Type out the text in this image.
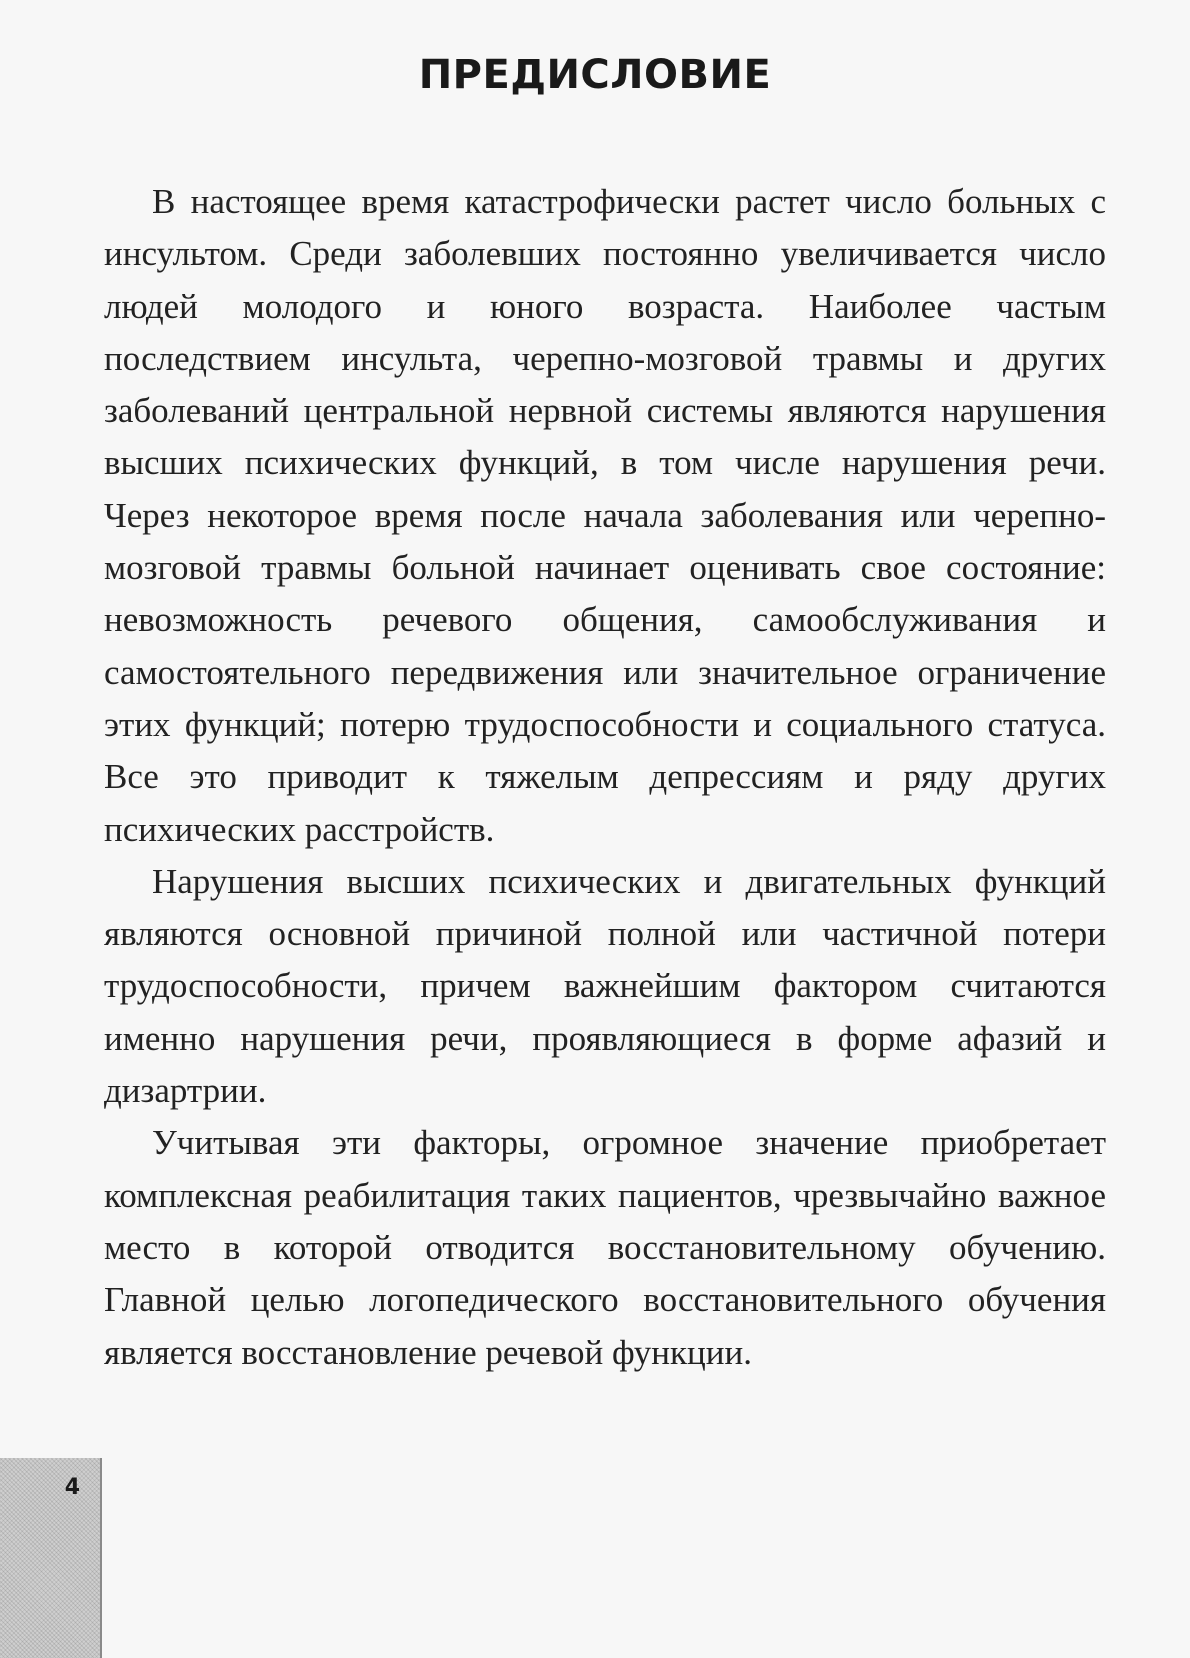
ПРЕДИСЛОВИЕ

В настоящее время катастрофически растет число больных с инсультом. Среди заболевших постоянно увеличивается число людей молодого и юного возраста. Наиболее частым последствием инсульта, черепно-мозговой травмы и других заболеваний центральной нервной системы являются нарушения высших психических функций, в том числе нарушения речи. Через некоторое время после начала заболевания или черепно-мозговой травмы больной начинает оценивать свое состояние: невозможность речевого общения, самообслуживания и самостоятельного передвижения или значительное ограничение этих функций; потерю трудоспособности и социального статуса. Все это приводит к тяжелым депрессиям и ряду других психических расстройств.

Нарушения высших психических и двигательных функций являются основной причиной полной или частичной потери трудоспособности, причем важнейшим фактором считаются именно нарушения речи, проявляющиеся в форме афазий и дизартрии.

Учитывая эти факторы, огромное значение приобретает комплексная реабилитация таких пациентов, чрезвычайно важное место в которой отводится восстановительному обучению. Главной целью логопедического восстановительного обучения является восстановление речевой функции.

4
